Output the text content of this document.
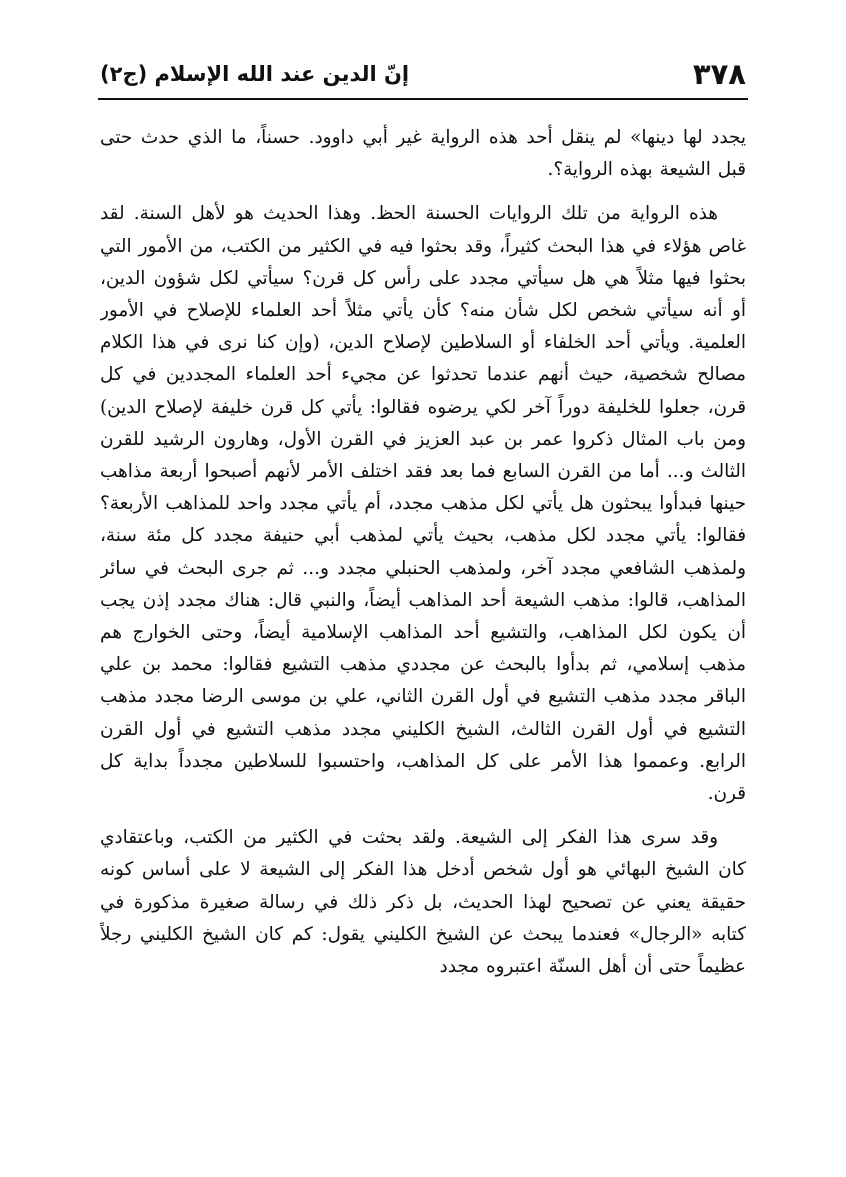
٣٧٨
إنّ الدين عند الله الإسلام (ج٢)

يجدد لها دينها» لم ينقل أحد هذه الرواية غير أبي داوود. حسناً، ما الذي حدث حتى قبل الشيعة بهذه الرواية؟.

هذه الرواية من تلك الروايات الحسنة الحظ. وهذا الحديث هو لأهل السنة. لقد غاص هؤلاء في هذا البحث كثيراً، وقد بحثوا فيه في الكثير من الكتب، من الأمور التي بحثوا فيها مثلاً هي هل سيأتي مجدد على رأس كل قرن؟ سيأتي لكل شؤون الدين، أو أنه سيأتي شخص لكل شأن منه؟ كأن يأتي مثلاً أحد العلماء للإصلاح في الأمور العلمية. ويأتي أحد الخلفاء أو السلاطين لإصلاح الدين، (وإن كنا نرى في هذا الكلام مصالح شخصية، حيث أنهم عندما تحدثوا عن مجيء أحد العلماء المجددين في كل قرن، جعلوا للخليفة دوراً آخر لكي يرضوه فقالوا: يأتي كل قرن خليفة لإصلاح الدين) ومن باب المثال ذكروا عمر بن عبد العزيز في القرن الأول، وهارون الرشيد للقرن الثالث و... أما من القرن السابع فما بعد فقد اختلف الأمر لأنهم أصبحوا أربعة مذاهب حينها فبدأوا يبحثون هل يأتي لكل مذهب مجدد، أم يأتي مجدد واحد للمذاهب الأربعة؟ فقالوا: يأتي مجدد لكل مذهب، بحيث يأتي لمذهب أبي حنيفة مجدد كل مئة سنة، ولمذهب الشافعي مجدد آخر، ولمذهب الحنبلي مجدد و... ثم جرى البحث في سائر المذاهب، قالوا: مذهب الشيعة أحد المذاهب أيضاً، والنبي قال: هناك مجدد إذن يجب أن يكون لكل المذاهب، والتشيع أحد المذاهب الإسلامية أيضاً، وحتى الخوارج هم مذهب إسلامي، ثم بدأوا بالبحث عن مجددي مذهب التشيع فقالوا: محمد بن علي الباقر مجدد مذهب التشيع في أول القرن الثاني، علي بن موسى الرضا مجدد مذهب التشيع في أول القرن الثالث، الشيخ الكليني مجدد مذهب التشيع في أول القرن الرابع. وعمموا هذا الأمر على كل المذاهب، واحتسبوا للسلاطين مجدداً بداية كل قرن.

وقد سرى هذا الفكر إلى الشيعة. ولقد بحثت في الكثير من الكتب، وباعتقادي كان الشيخ البهائي هو أول شخص أدخل هذا الفكر إلى الشيعة لا على أساس كونه حقيقة يعني عن تصحيح لهذا الحديث، بل ذكر ذلك في رسالة صغيرة مذكورة في كتابه «الرجال» فعندما يبحث عن الشيخ الكليني يقول: كم كان الشيخ الكليني رجلاً عظيماً حتى أن أهل السنّة اعتبروه مجدد
